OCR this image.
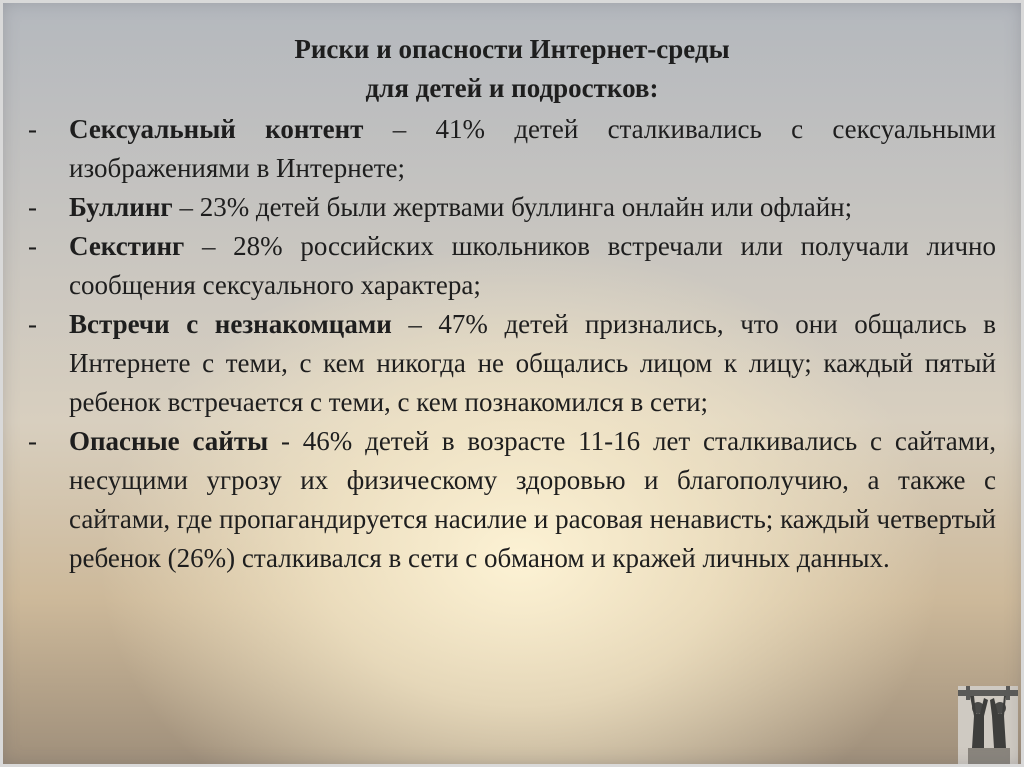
Риски и опасности Интернет-среды
для детей и подростков:
-	Сексуальный контент – 41% детей сталкивались с сексуальными изображениями в Интернете;
-	Буллинг – 23% детей были жертвами буллинга онлайн или офлайн;
-	Секстинг – 28% российских школьников встречали или получали лично сообщения сексуального характера;
-	Встречи с незнакомцами – 47% детей признались, что они общались в Интернете с теми, с кем никогда не общались лицом к лицу; каждый пятый ребенок встречается с теми, с кем познакомился в сети;
-	Опасные сайты - 46% детей в возрасте 11-16 лет сталкивались с сайтами, несущими угрозу их физическому здоровью и благополучию, а также с сайтами, где пропагандируется насилие и расовая ненависть; каждый четвертый ребенок (26%) сталкивался в сети с обманом и кражей личных данных.
